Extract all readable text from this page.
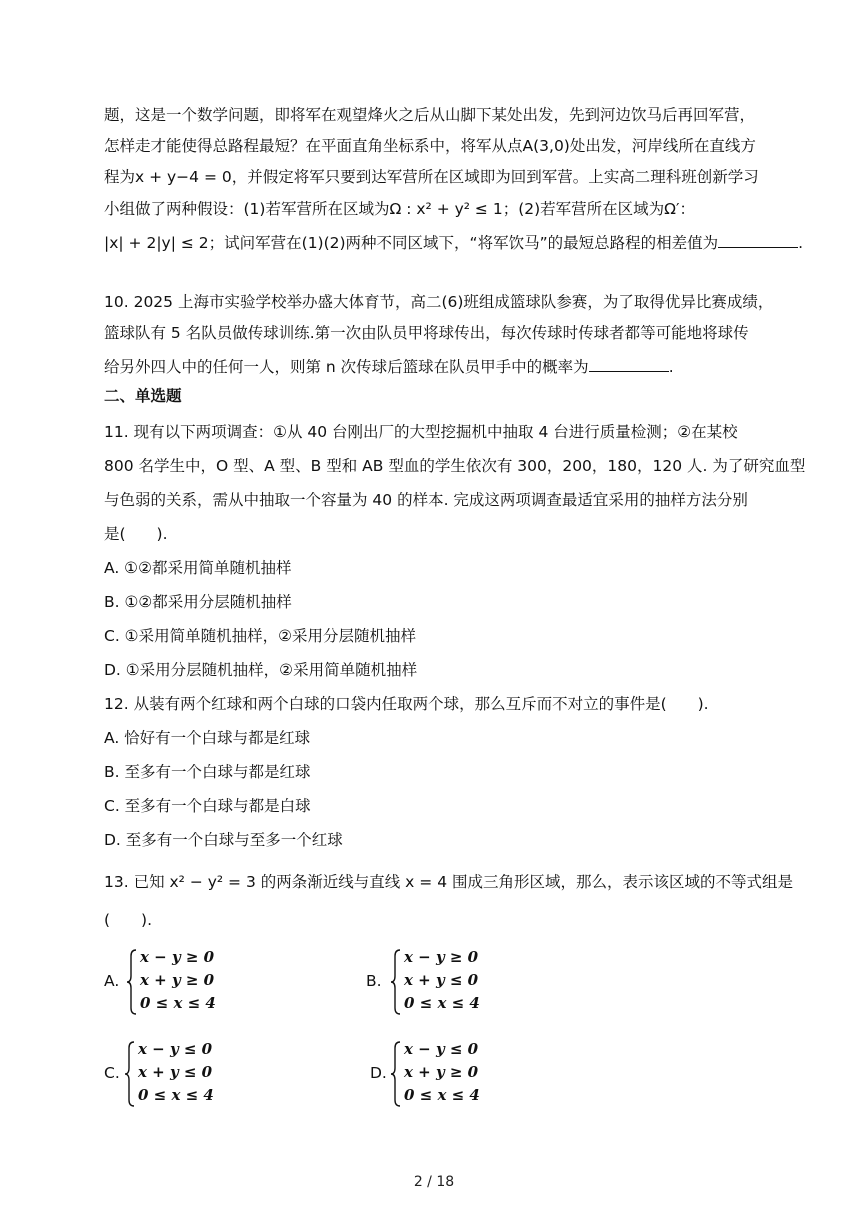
题，这是一个数学问题，即将军在观望烽火之后从山脚下某处出发，先到河边饮马后再回军营，
怎样走才能使得总路程最短？在平面直角坐标系中，将军从点A(3,0)处出发，河岸线所在直线方
程为x + y−4 = 0，并假定将军只要到达军营所在区域即为回到军营。上实高二理科班创新学习
小组做了两种假设：(1)若军营所在区域为Ω : x² + y² ≤ 1；(2)若军营所在区域为Ω′：
|x| + 2|y| ≤ 2；试问军营在(1)(2)两种不同区域下，“将军饮马”的最短总路程的相差值为	.
10. 2025 上海市实验学校举办盛大体育节，高二(6)班组成篮球队参赛，为了取得优异比赛成绩，
篮球队有 5 名队员做传球训练.第一次由队员甲将球传出，每次传球时传球者都等可能地将球传
给另外四人中的任何一人，则第 n 次传球后篮球在队员甲手中的概率为	.
二、单选题
11. 现有以下两项调查：①从 40 台刚出厂的大型挖掘机中抽取 4 台进行质量检测；②在某校
800 名学生中，O 型、A 型、B 型和 AB 型血的学生依次有 300，200，180，120 人. 为了研究血型
与色弱的关系，需从中抽取一个容量为 40 的样本. 完成这两项调查最适宜采用的抽样方法分别
是(　　).
A. ①②都采用简单随机抽样
B. ①②都采用分层随机抽样
C. ①采用简单随机抽样，②采用分层随机抽样
D. ①采用分层随机抽样，②采用简单随机抽样
12. 从装有两个红球和两个白球的口袋内任取两个球，那么互斥而不对立的事件是(　　).
A. 恰好有一个白球与都是红球
B. 至多有一个白球与都是红球
C. 至多有一个白球与都是白球
D. 至多有一个白球与至多一个红球
13. 已知 x² − y² = 3 的两条渐近线与直线 x = 4 围成三角形区域，那么，表示该区域的不等式组是
(　　).
A.
x − y ≥ 0
x + y ≥ 0
0 ≤ x ≤ 4
B.
x − y ≥ 0
x + y ≤ 0
0 ≤ x ≤ 4
C.
x − y ≤ 0
x + y ≤ 0
0 ≤ x ≤ 4
D.
x − y ≤ 0
x + y ≥ 0
0 ≤ x ≤ 4
2 / 18
